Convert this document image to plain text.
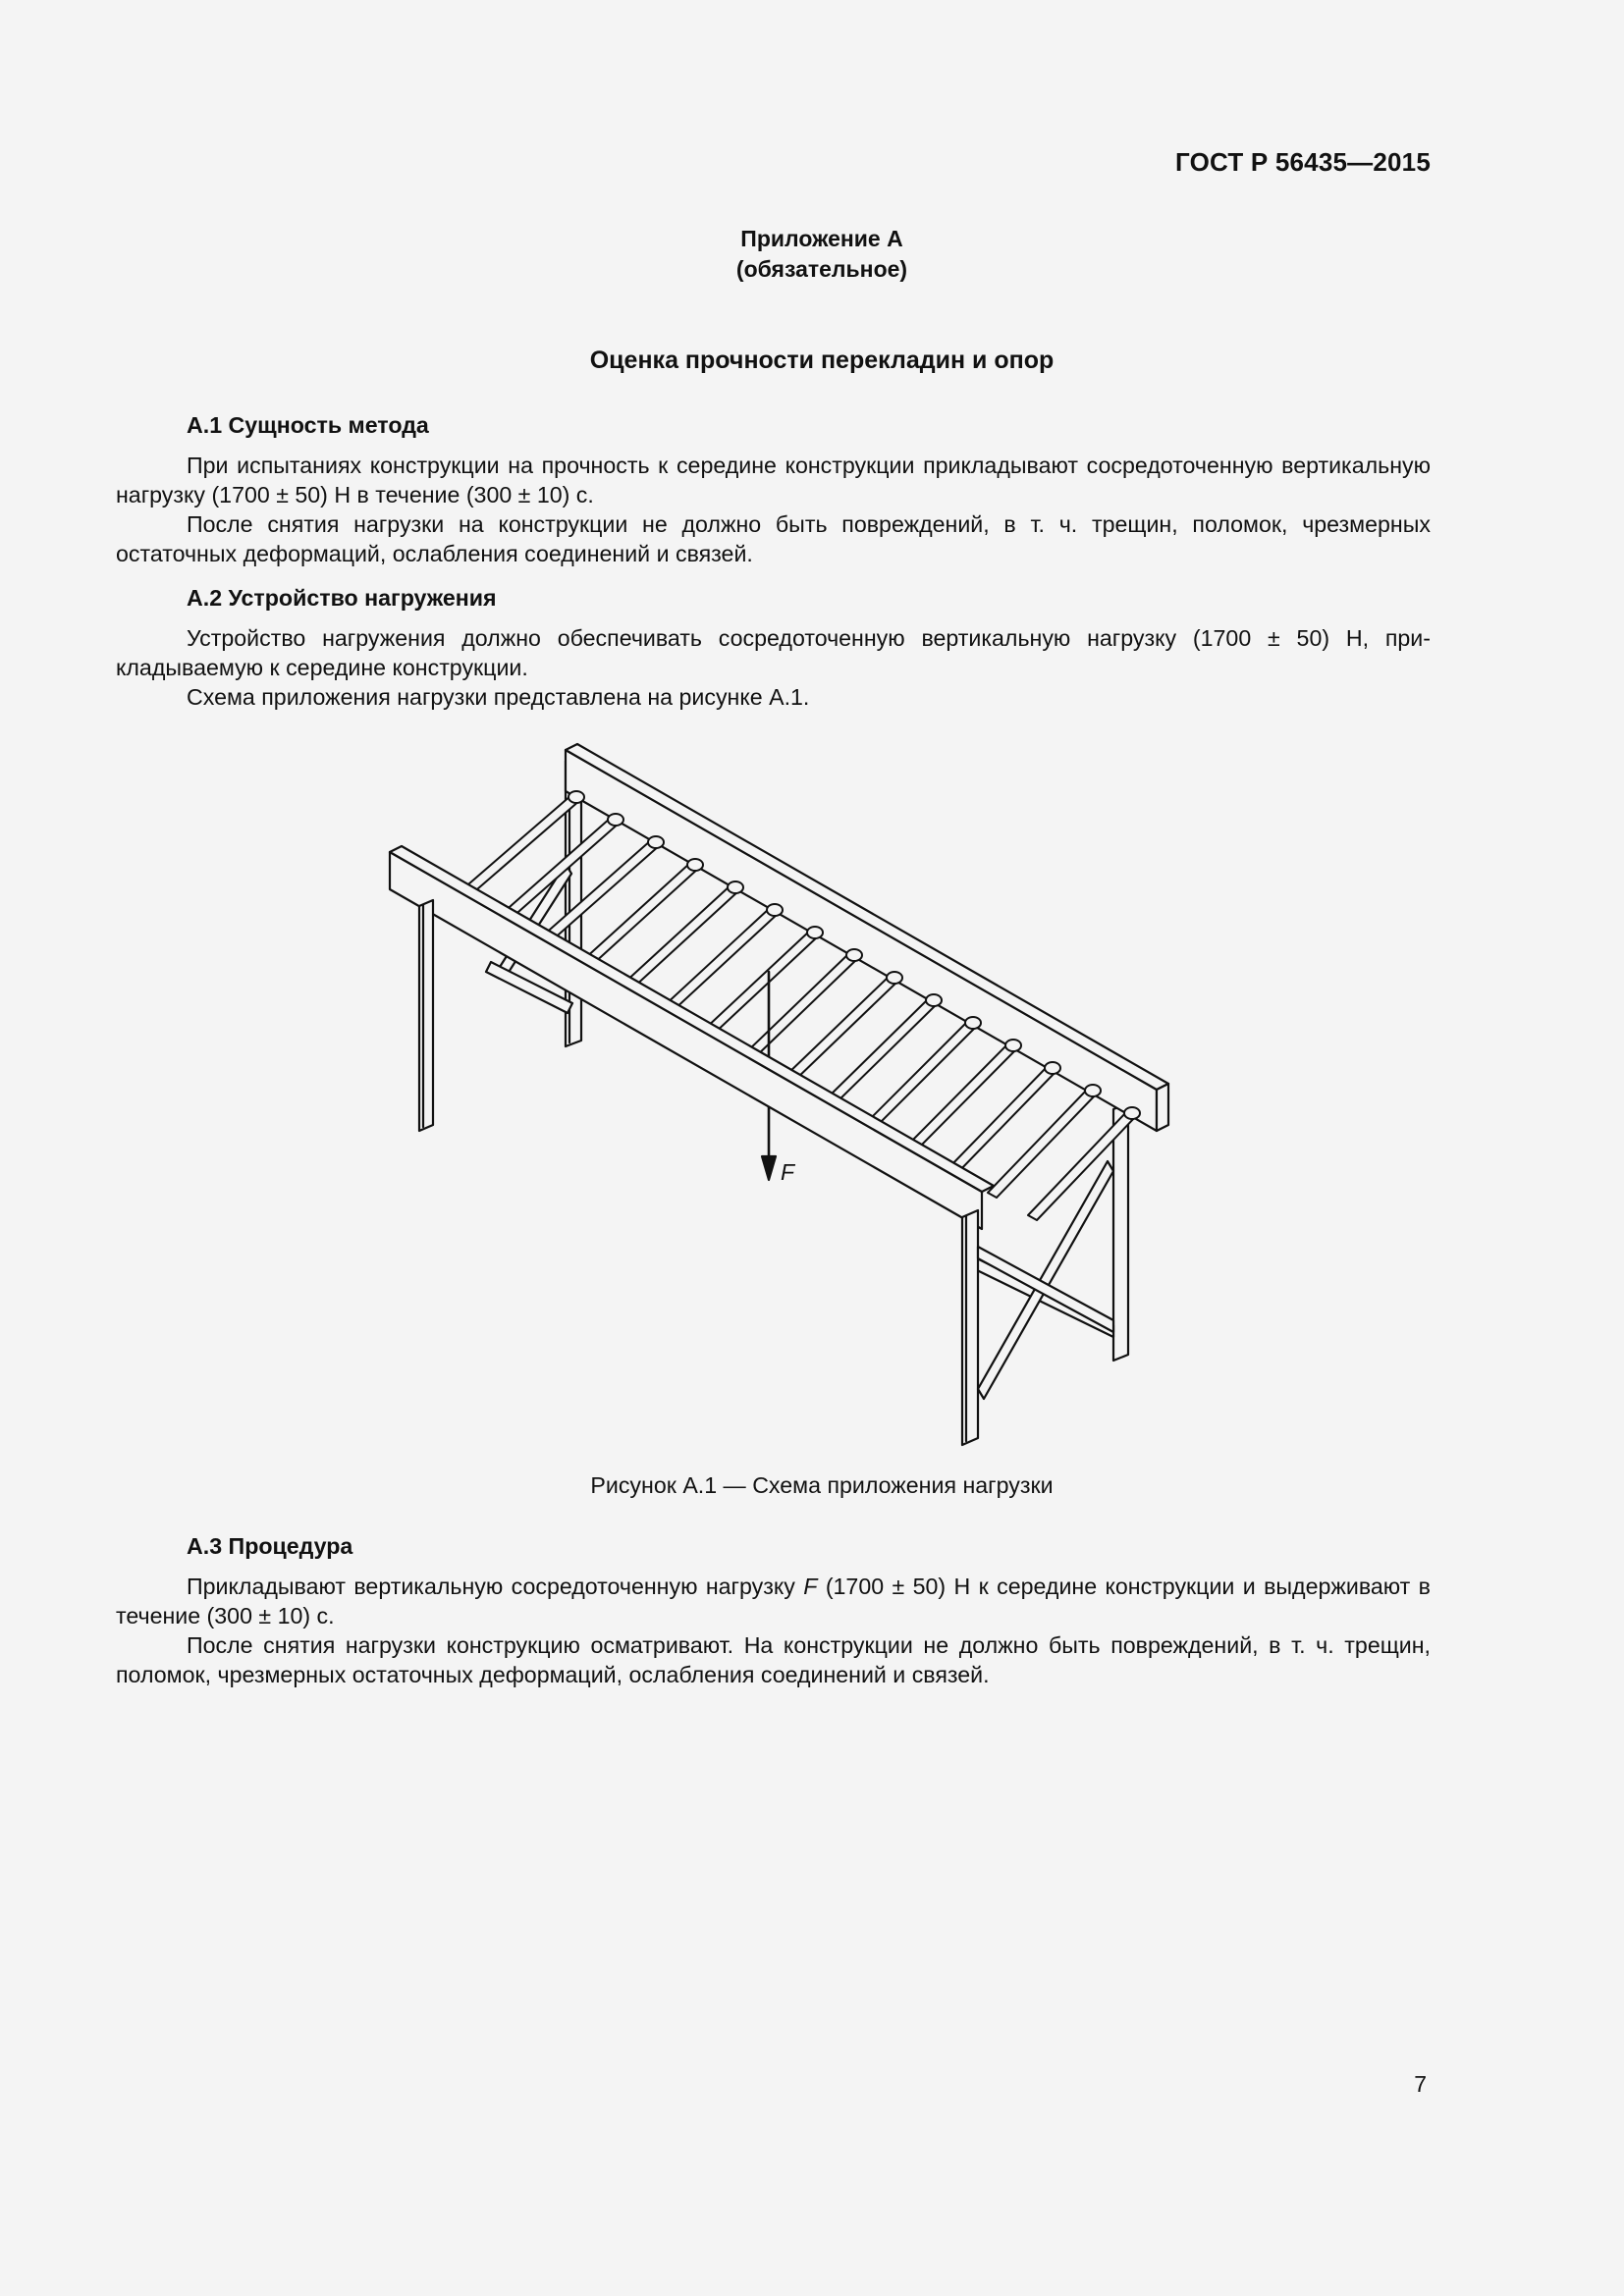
ГОСТ Р 56435—2015
Приложение А
(обязательное)
Оценка прочности перекладин и опор

А.1 Сущность метода

При испытаниях конструкции на прочность к середине конструкции прикладывают сосредоточенную вертикальную нагрузку (1700 ± 50) Н в течение (300 ± 10) с.

После снятия нагрузки на конструкции не должно быть повреждений, в т. ч. трещин, поломок, чрезмерных остаточных деформаций, ослабления соединений и связей.

А.2 Устройство нагружения

Устройство нагружения должно обеспечивать сосредоточенную вертикальную нагрузку (1700 ± 50) Н, прикладываемую к середине конструкции.

Схема приложения нагрузки представлена на рисунке А.1.

F
Рисунок А.1 — Схема приложения нагрузки

А.3 Процедура

Прикладывают вертикальную сосредоточенную нагрузку F (1700 ± 50) Н к середине конструкции и выдерживают в течение (300 ± 10) с.

После снятия нагрузки конструкцию осматривают. На конструкции не должно быть повреждений, в т. ч. трещин, поломок, чрезмерных остаточных деформаций, ослабления соединений и связей.

7
